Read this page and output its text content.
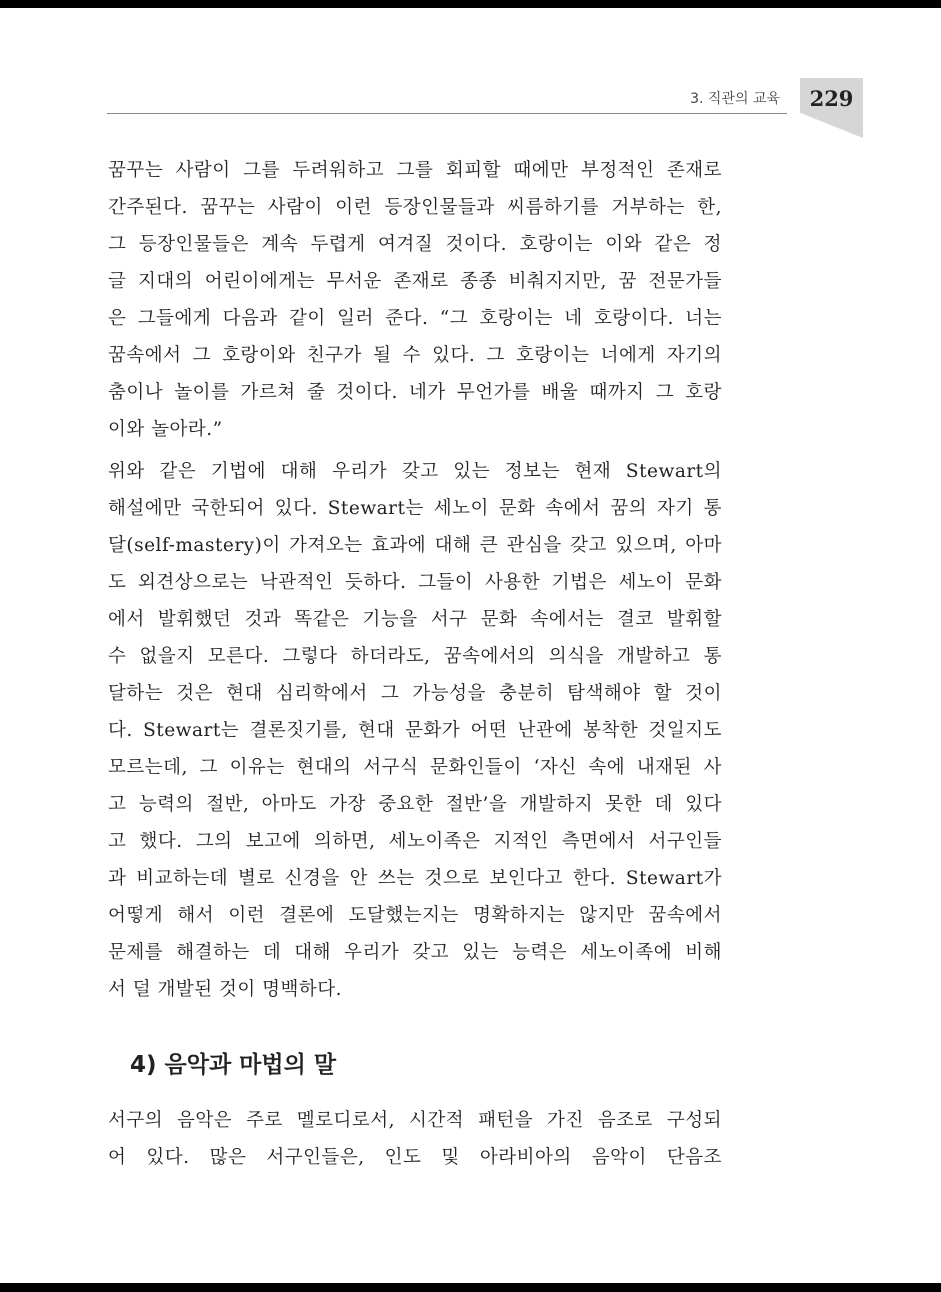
3. 직관의 교육	229
꿈꾸는 사람이 그를 두려워하고 그를 회피할 때에만 부정적인 존재로
간주된다. 꿈꾸는 사람이 이런 등장인물들과 씨름하기를 거부하는 한,
그 등장인물들은 계속 두렵게 여겨질 것이다. 호랑이는 이와 같은 정
글 지대의 어린이에게는 무서운 존재로 종종 비춰지지만, 꿈 전문가들
은 그들에게 다음과 같이 일러 준다. “그 호랑이는 네 호랑이다. 너는
꿈속에서 그 호랑이와 친구가 될 수 있다. 그 호랑이는 너에게 자기의
춤이나 놀이를 가르쳐 줄 것이다. 네가 무언가를 배울 때까지 그 호랑
이와 놀아라.”
위와 같은 기법에 대해 우리가 갖고 있는 정보는 현재 Stewart의
해설에만 국한되어 있다. Stewart는 세노이 문화 속에서 꿈의 자기 통
달(self-mastery)이 가져오는 효과에 대해 큰 관심을 갖고 있으며, 아마
도 외견상으로는 낙관적인 듯하다. 그들이 사용한 기법은 세노이 문화
에서 발휘했던 것과 똑같은 기능을 서구 문화 속에서는 결코 발휘할
수 없을지 모른다. 그렇다 하더라도, 꿈속에서의 의식을 개발하고 통
달하는 것은 현대 심리학에서 그 가능성을 충분히 탐색해야 할 것이
다. Stewart는 결론짓기를, 현대 문화가 어떤 난관에 봉착한 것일지도
모르는데, 그 이유는 현대의 서구식 문화인들이 ‘자신 속에 내재된 사
고 능력의 절반, 아마도 가장 중요한 절반’을 개발하지 못한 데 있다
고 했다. 그의 보고에 의하면, 세노이족은 지적인 측면에서 서구인들
과 비교하는데 별로 신경을 안 쓰는 것으로 보인다고 한다. Stewart가
어떻게 해서 이런 결론에 도달했는지는 명확하지는 않지만 꿈속에서
문제를 해결하는 데 대해 우리가 갖고 있는 능력은 세노이족에 비해
서 덜 개발된 것이 명백하다.
4) 음악과 마법의 말
서구의 음악은 주로 멜로디로서, 시간적 패턴을 가진 음조로 구성되
어 있다. 많은 서구인들은, 인도 및 아라비아의 음악이 단음조
